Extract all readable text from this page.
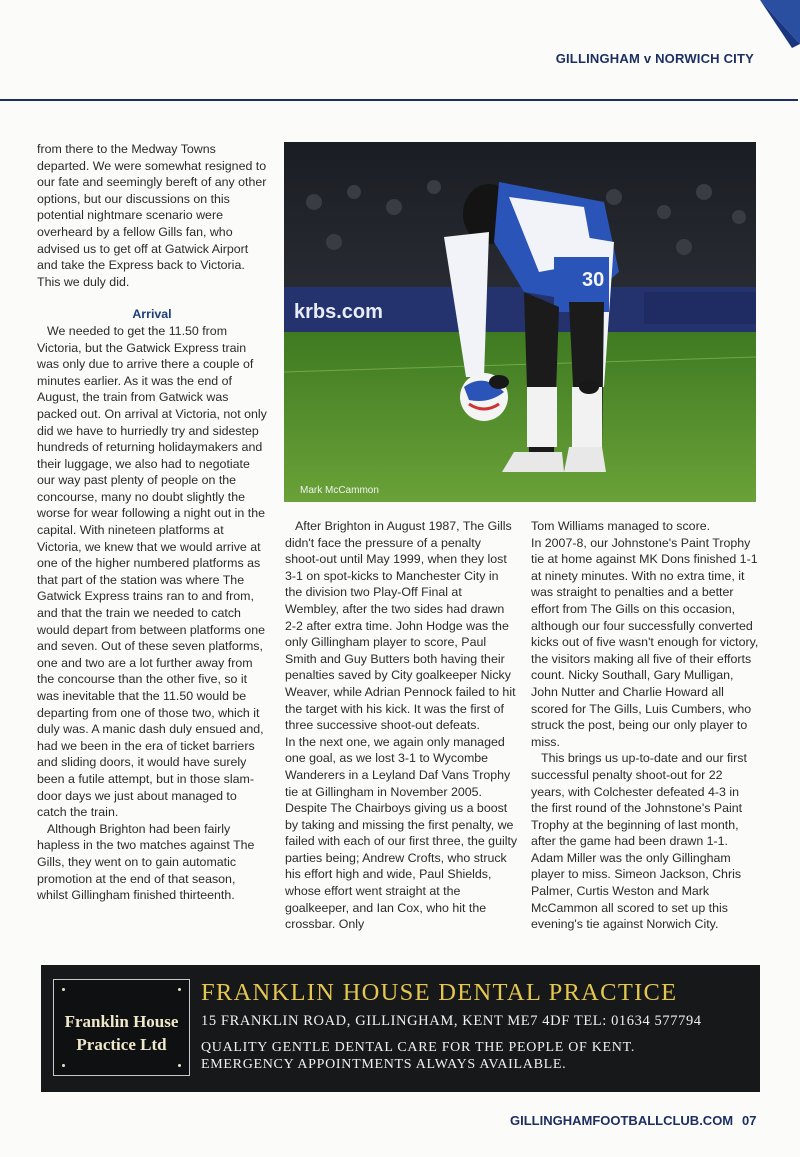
GILLINGHAM v NORWICH CITY

from there to the Medway Towns departed. We were somewhat resigned to our fate and seemingly bereft of any other options, but our discussions on this potential nightmare scenario were overheard by a fellow Gills fan, who advised us to get off at Gatwick Airport and take the Express back to Victoria. This we duly did.

Arrival

We needed to get the 11.50 from Victoria, but the Gatwick Express train was only due to arrive there a couple of minutes earlier. As it was the end of August, the train from Gatwick was packed out. On arrival at Victoria, not only did we have to hurriedly try and sidestep hundreds of returning holidaymakers and their luggage, we also had to negotiate our way past plenty of people on the concourse, many no doubt slightly the worse for wear following a night out in the capital. With nineteen platforms at Victoria, we knew that we would arrive at one of the higher numbered platforms as that part of the station was where The Gatwick Express trains ran to and from, and that the train we needed to catch would depart from between platforms one and seven. Out of these seven platforms, one and two are a lot further away from the concourse than the other five, so it was inevitable that the 11.50 would be departing from one of those two, which it duly was. A manic dash duly ensued and, had we been in the era of ticket barriers and sliding doors, it would have surely been a futile attempt, but in those slam-door days we just about managed to catch the train.

Although Brighton had been fairly hapless in the two matches against The Gills, they went on to gain automatic promotion at the end of that season, whilst Gillingham finished thirteenth.

krbs.com
30
Mark McCammon

After Brighton in August 1987, The Gills didn't face the pressure of a penalty shoot-out until May 1999, when they lost 3-1 on spot-kicks to Manchester City in the division two Play-Off Final at Wembley, after the two sides had drawn 2-2 after extra time. John Hodge was the only Gillingham player to score, Paul Smith and Guy Butters both having their penalties saved by City goalkeeper Nicky Weaver, while Adrian Pennock failed to hit the target with his kick. It was the first of three successive shoot-out defeats.

In the next one, we again only managed one goal, as we lost 3-1 to Wycombe Wanderers in a Leyland Daf Vans Trophy tie at Gillingham in November 2005. Despite The Chairboys giving us a boost by taking and missing the first penalty, we failed with each of our first three, the guilty parties being; Andrew Crofts, who struck his effort high and wide, Paul Shields, whose effort went straight at the goalkeeper, and Ian Cox, who hit the crossbar. Only

Tom Williams managed to score.

In 2007-8, our Johnstone's Paint Trophy tie at home against MK Dons finished 1-1 at ninety minutes. With no extra time, it was straight to penalties and a better effort from The Gills on this occasion, although our four successfully converted kicks out of five wasn't enough for victory, the visitors making all five of their efforts count. Nicky Southall, Gary Mulligan, John Nutter and Charlie Howard all scored for The Gills, Luis Cumbers, who struck the post, being our only player to miss.

This brings us up-to-date and our first successful penalty shoot-out for 22 years, with Colchester defeated 4-3 in the first round of the Johnstone's Paint Trophy at the beginning of last month, after the game had been drawn 1-1. Adam Miller was the only Gillingham player to miss. Simeon Jackson, Chris Palmer, Curtis Weston and Mark McCammon all scored to set up this evening's tie against Norwich City.

Franklin House
Practice Ltd
FRANKLIN HOUSE DENTAL PRACTICE
15 FRANKLIN ROAD, GILLINGHAM, KENT ME7 4DF TEL: 01634 577794
QUALITY GENTLE DENTAL CARE FOR THE PEOPLE OF KENT.
EMERGENCY APPOINTMENTS ALWAYS AVAILABLE.
GILLINGHAMFOOTBALLCLUB.COM 07
